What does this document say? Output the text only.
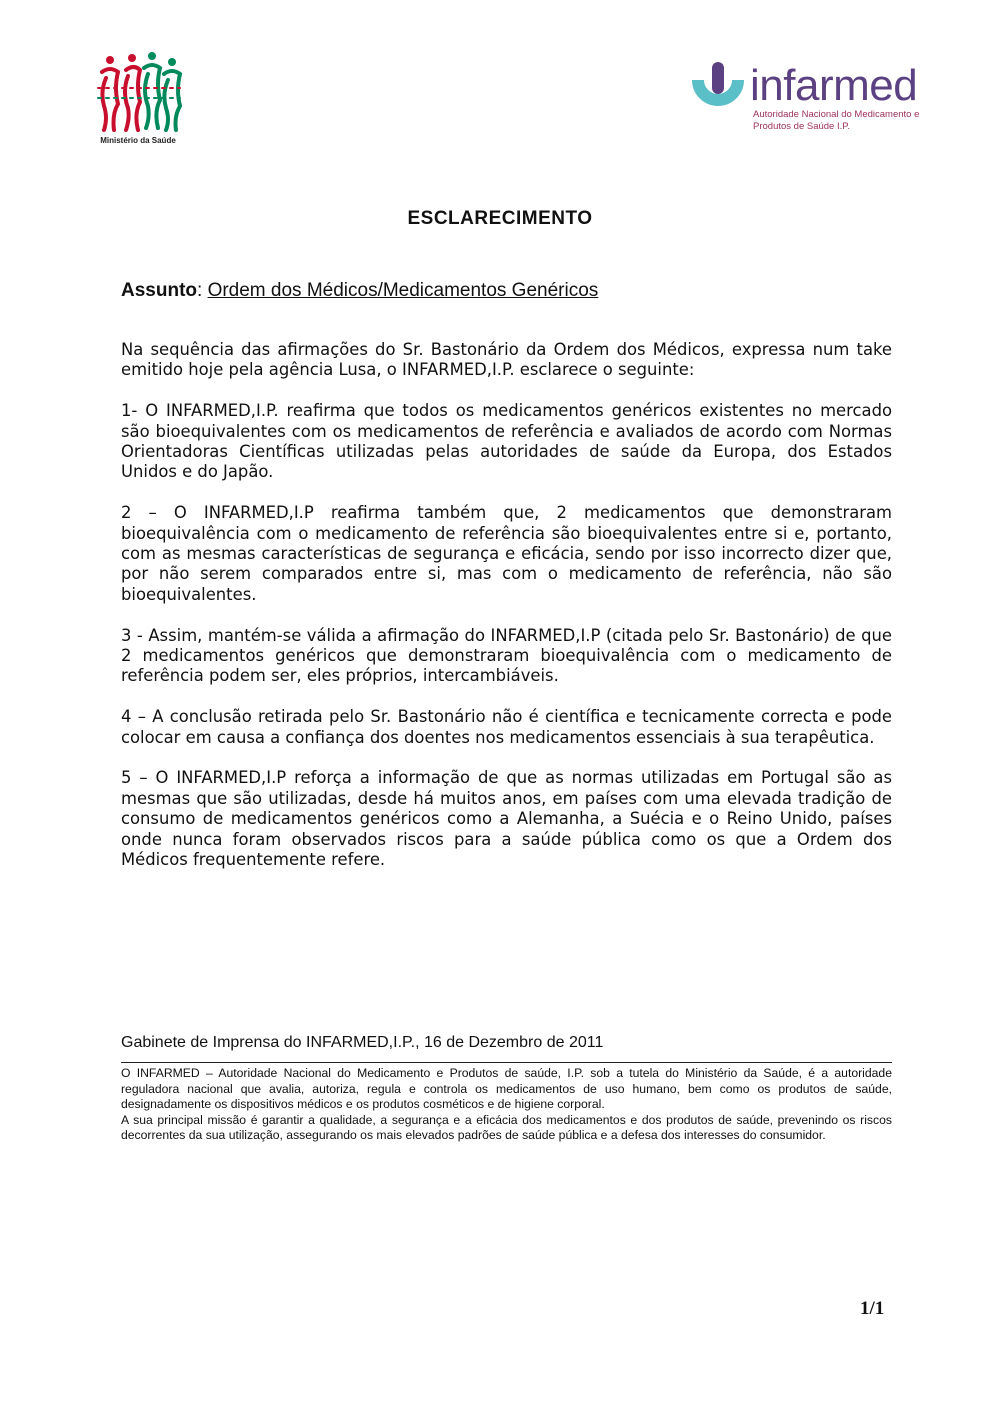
Ministério da Saúde
infarmed
Autoridade Nacional do Medicamento e Produtos de Saúde I.P.
ESCLARECIMENTO
Assunto: Ordem dos Médicos/Medicamentos Genéricos

Na sequência das afirmações do Sr. Bastonário da Ordem dos Médicos, expressa num take emitido hoje pela agência Lusa, o INFARMED,I.P. esclarece o seguinte:

1- O INFARMED,I.P. reafirma que todos os medicamentos genéricos existentes no mercado são bioequivalentes com os medicamentos de referência e avaliados de acordo com Normas Orientadoras Científicas utilizadas pelas autoridades de saúde da Europa, dos Estados Unidos e do Japão.

2 – O INFARMED,I.P reafirma também que, 2 medicamentos que demonstraram bioequivalência com o medicamento de referência são bioequivalentes entre si e, portanto, com as mesmas características de segurança e eficácia, sendo por isso incorrecto dizer que, por não serem comparados entre si, mas com o medicamento de referência, não são bioequivalentes.

3 - Assim, mantém-se válida a afirmação do INFARMED,I.P (citada pelo Sr. Bastonário) de que 2 medicamentos genéricos que demonstraram bioequivalência com o medicamento de referência podem ser, eles próprios, intercambiáveis.

4 – A conclusão retirada pelo Sr. Bastonário não é científica e tecnicamente correcta e pode colocar em causa a confiança dos doentes nos medicamentos essenciais à sua terapêutica.

5 – O INFARMED,I.P reforça a informação de que as normas utilizadas em Portugal são as mesmas que são utilizadas, desde há muitos anos, em países com uma elevada tradição de consumo de medicamentos genéricos como a Alemanha, a Suécia e o Reino Unido, países onde nunca foram observados riscos para a saúde pública como os que a Ordem dos Médicos frequentemente refere.

Gabinete de Imprensa do INFARMED,I.P., 16 de Dezembro de 2011

O INFARMED – Autoridade Nacional do Medicamento e Produtos de saúde, I.P. sob a tutela do Ministério da Saúde, é a autoridade reguladora nacional que avalia, autoriza, regula e controla os medicamentos de uso humano, bem como os produtos de saúde, designadamente os dispositivos médicos e os produtos cosméticos e de higiene corporal.

A sua principal missão é garantir a qualidade, a segurança e a eficácia dos medicamentos e dos produtos de saúde, prevenindo os riscos decorrentes da sua utilização, assegurando os mais elevados padrões de saúde pública e a defesa dos interesses do consumidor.

1/1
